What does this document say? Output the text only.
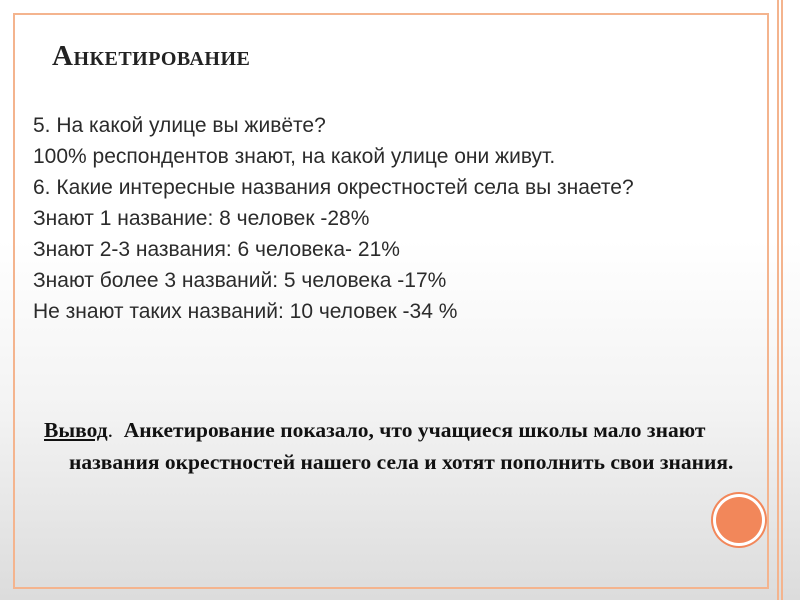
Анкетирование
5. На какой улице вы живёте?
100% респондентов знают, на какой улице они живут.
6. Какие интересные названия окрестностей села вы знаете?
Знают 1 название: 8 человек -28%
Знают 2-3 названия: 6 человека- 21%
Знают более 3 названий: 5 человека -17%
Не знают таких названий: 10 человек -34 %
Вывод.  Анкетирование показало, что учащиеся школы мало знают названия окрестностей нашего села и хотят пополнить свои знания.
